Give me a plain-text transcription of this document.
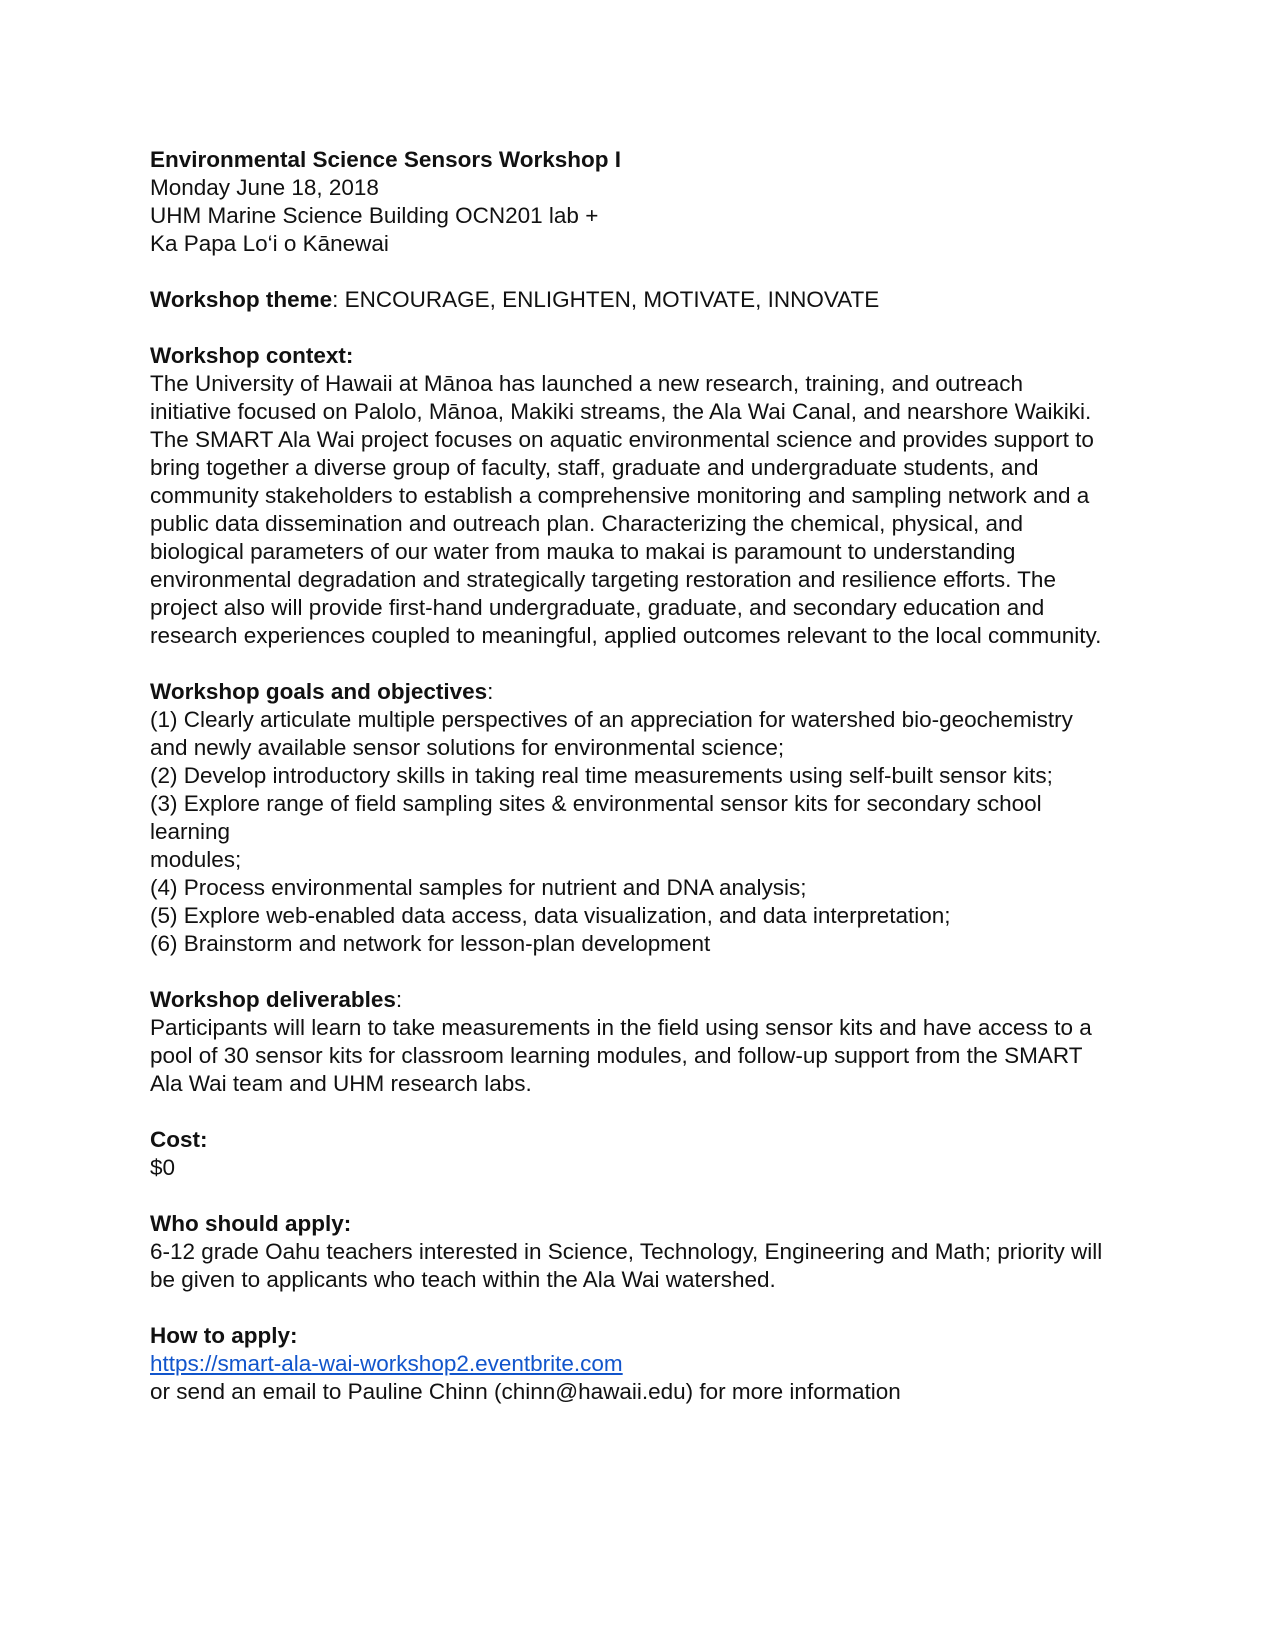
Environmental Science Sensors Workshop I
Monday June 18, 2018
UHM Marine Science Building OCN201 lab +
Ka Papa Lo‘i o Kānewai
Workshop theme: ENCOURAGE, ENLIGHTEN, MOTIVATE, INNOVATE
Workshop context:
The University of Hawaii at Mānoa has launched a new research, training, and outreach
initiative focused on Palolo, Mānoa, Makiki streams, the Ala Wai Canal, and nearshore Waikiki.
The SMART Ala Wai project focuses on aquatic environmental science and provides support to
bring together a diverse group of faculty, staff, graduate and undergraduate students, and
community stakeholders to establish a comprehensive monitoring and sampling network and a
public data dissemination and outreach plan. Characterizing the chemical, physical, and
biological parameters of our water from mauka to makai is paramount to understanding
environmental degradation and strategically targeting restoration and resilience efforts. The
project also will provide first-hand undergraduate, graduate, and secondary education and
research experiences coupled to meaningful, applied outcomes relevant to the local community.
Workshop goals and objectives:
(1) Clearly articulate multiple perspectives of an appreciation for watershed bio-geochemistry
and newly available sensor solutions for environmental science;
(2) Develop introductory skills in taking real time measurements using self-built sensor kits;
(3) Explore range of field sampling sites & environmental sensor kits for secondary school
learning
modules;
(4) Process environmental samples for nutrient and DNA analysis;
(5) Explore web-enabled data access, data visualization, and data interpretation;
(6) Brainstorm and network for lesson-plan development
Workshop deliverables:
Participants will learn to take measurements in the field using sensor kits and have access to a
pool of 30 sensor kits for classroom learning modules, and follow-up support from the SMART
Ala Wai team and UHM research labs.
Cost:
$0
Who should apply:
6-12 grade Oahu teachers interested in Science, Technology, Engineering and Math; priority will
be given to applicants who teach within the Ala Wai watershed.
How to apply:
https://smart-ala-wai-workshop2.eventbrite.com
or send an email to Pauline Chinn (chinn@hawaii.edu) for more information
